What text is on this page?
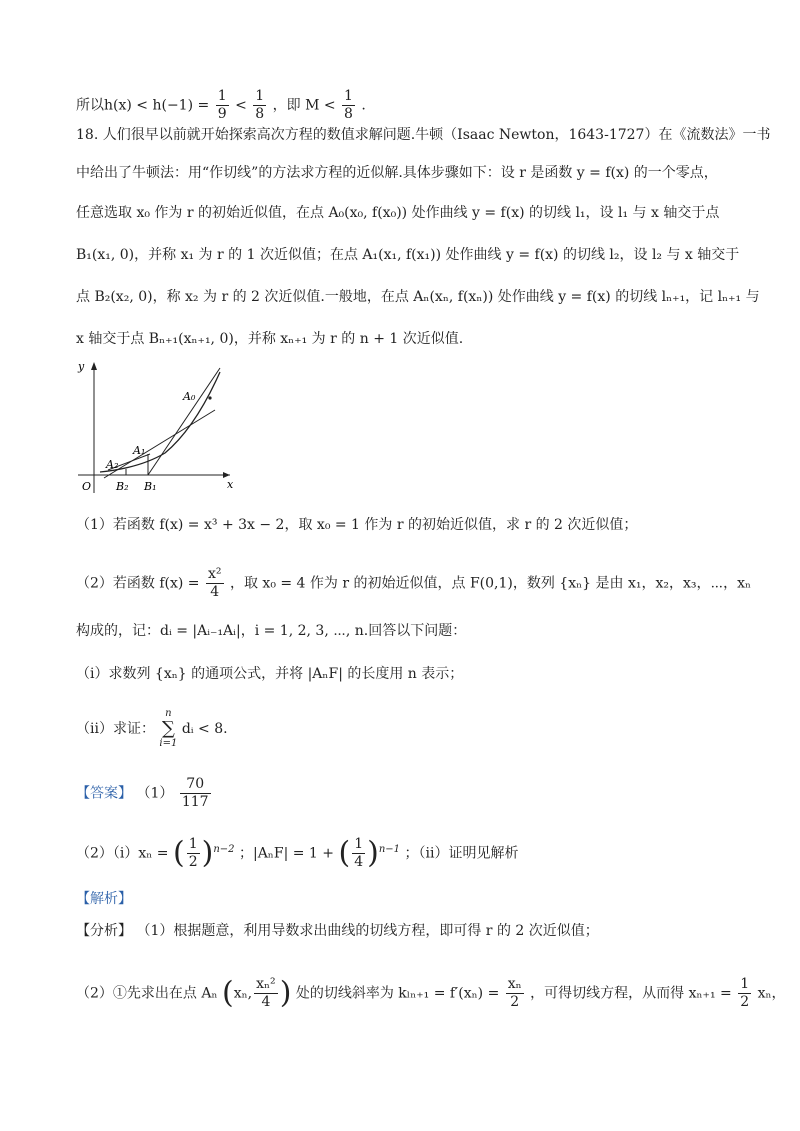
所以$h(x) < h(-1) = \frac{1}{9} < \frac{1}{8}$ ，即 $M < \frac{1}{8}$ .
18. 人们很早以前就开始探索高次方程的数值求解问题.牛顿（Isaac Newton，1643-1727）在《流数法》一书
中给出了牛顿法：用“作切线”的方法求方程的近似解.具体步骤如下：设 r 是函数 y = f(x) 的一个零点，
任意选取 x₀ 作为 r 的初始近似值，在点 A₀(x₀, f(x₀)) 处作曲线 y = f(x) 的切线 l₁，设 l₁ 与 x 轴交于点
B₁(x₁, 0)，并称 x₁ 为 r 的 1 次近似值；在点 A₁(x₁, f(x₁)) 处作曲线 y = f(x) 的切线 l₂，设 l₂ 与 x 轴交于
点 B₂(x₂, 0)，称 x₂ 为 r 的 2 次近似值.一般地，在点 Aₙ(xₙ, f(xₙ)) 处作曲线 y = f(x) 的切线 lₙ₊₁，记 lₙ₊₁ 与
x 轴交于点 Bₙ₊₁(xₙ₊₁, 0)，并称 xₙ₊₁ 为 r 的 n + 1 次近似值.
y
x
O
A₀
A₁
A₂
B₂ B₁
（1）若函数 f(x) = x³ + 3x − 2，取 x₀ = 1 作为 r 的初始近似值，求 r 的 2 次近似值；
（2）若函数 $f(x) = \frac{\text{x²}}{4}$ ，取 x₀ = 4 作为 r 的初始近似值，点 F(0,1)，数列 {xₙ} 是由 x₁，x₂，x₃，⋯，xₙ
构成的，记：dᵢ = |Aᵢ₋₁Aᵢ|，i = 1, 2, 3, ⋯, n.回答以下问题：
（i）求数列 {xₙ} 的通项公式，并将 |AₙF| 的长度用 n 表示；
（ii）求证：
n
∑
i=1
dᵢ < 8.
【答案】 $(1) \frac{70}{117}$
（2）（i）xₙ = ( $\frac{1}{2} )^{n-2}$ ；|AₙF| = 1 + ( $\frac{1}{4} )^{n-1}$ ；（ii）证明见解析
【解析】
【分析】 （1）根据题意，利用导数求出曲线的切线方程，即可得 r 的 2 次近似值；
（2）①先求出在点 Aₙ (xₙ, $\frac{\text{xₙ²}}{4}$ ) 处的切线斜率为 $k_{ln+1} = f'(x_n) = \frac{\text{xₙ}}{2}$ ，可得切线方程，从而得 $x_{n+1} = \frac{1}{2}$ xₙ，
